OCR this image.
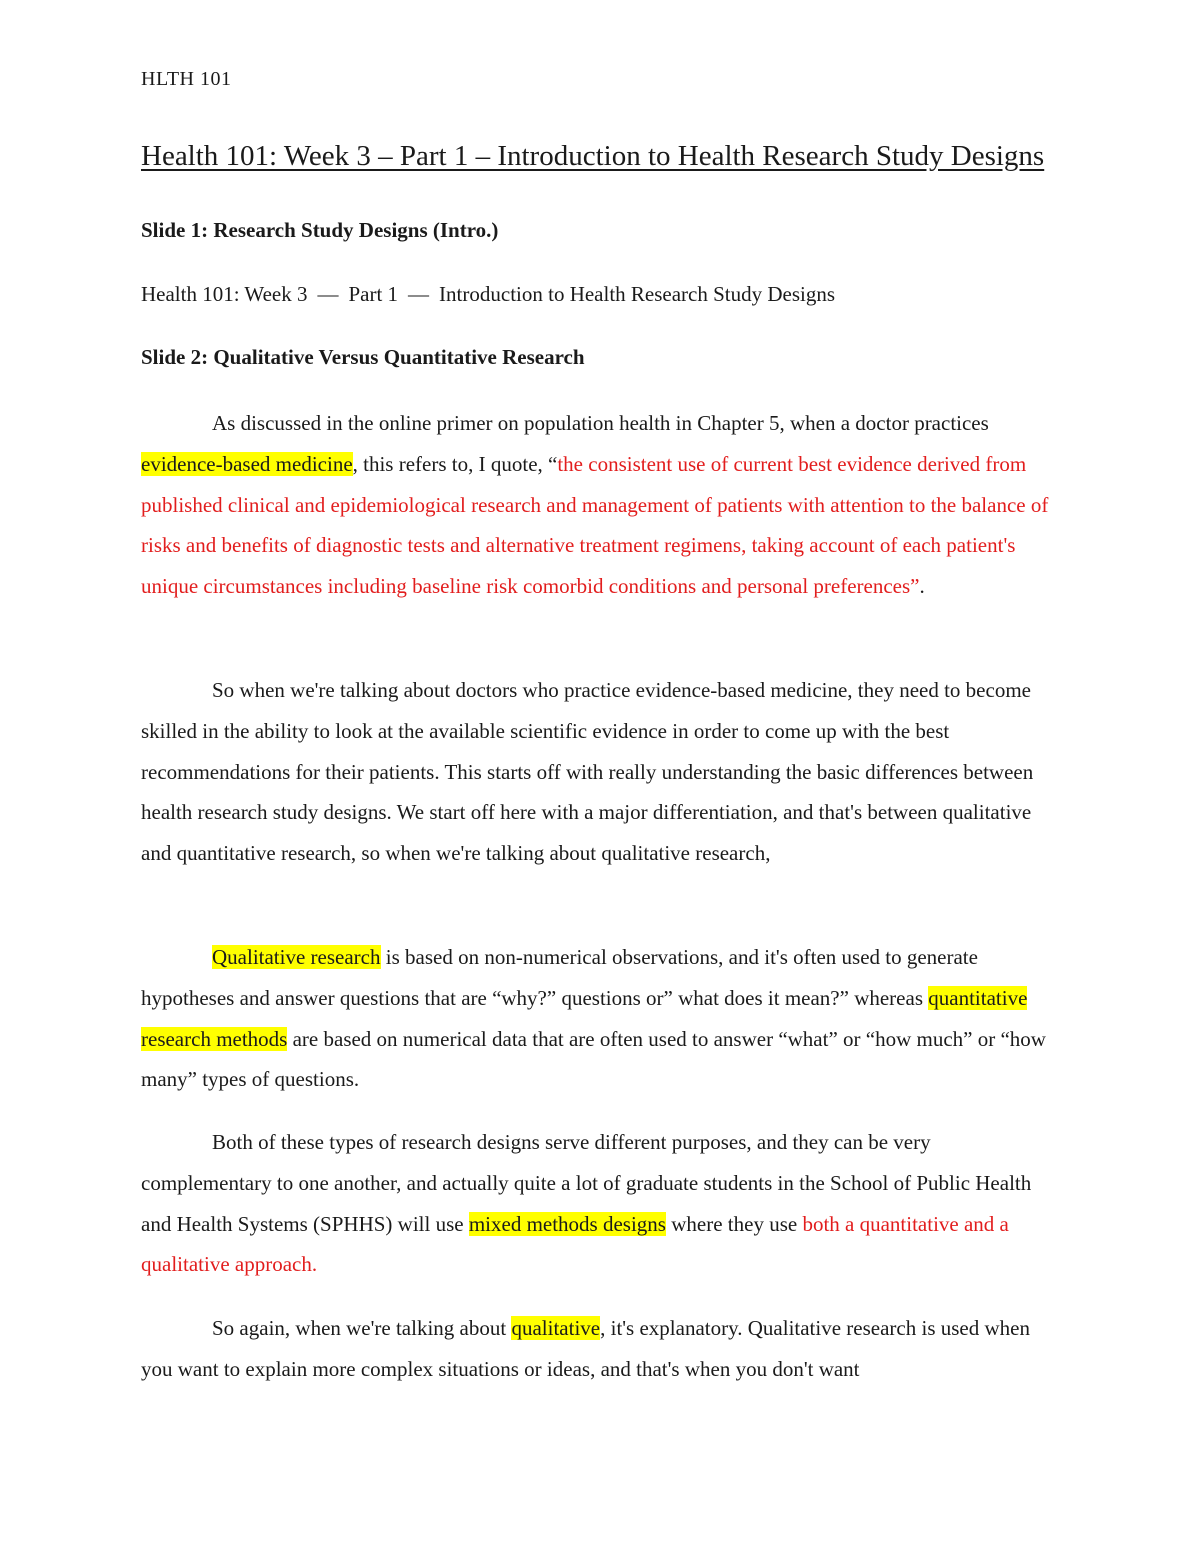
HLTH 101
Health 101: Week 3 – Part 1 – Introduction to Health Research Study Designs
Slide 1: Research Study Designs (Intro.)
Health 101: Week 3 — Part 1 — Introduction to Health Research Study Designs
Slide 2: Qualitative Versus Quantitative Research

As discussed in the online primer on population health in Chapter 5, when a doctor practices evidence-based medicine, this refers to, I quote, “the consistent use of current best evidence derived from published clinical and epidemiological research and management of patients with attention to the balance of risks and benefits of diagnostic tests and alternative treatment regimens, taking account of each patient's unique circumstances including baseline risk comorbid conditions and personal preferences”.

So when we're talking about doctors who practice evidence-based medicine, they need to become skilled in the ability to look at the available scientific evidence in order to come up with the best recommendations for their patients. This starts off with really understanding the basic differences between health research study designs. We start off here with a major differentiation, and that's between qualitative and quantitative research, so when we're talking about qualitative research,

Qualitative research is based on non-numerical observations, and it's often used to generate hypotheses and answer questions that are “why?” questions or” what does it mean?” whereas quantitative research methods are based on numerical data that are often used to answer “what” or “how much” or “how many” types of questions.

Both of these types of research designs serve different purposes, and they can be very complementary to one another, and actually quite a lot of graduate students in the School of Public Health and Health Systems (SPHHS) will use mixed methods designs where they use both a quantitative and a qualitative approach.

So again, when we're talking about qualitative, it's explanatory. Qualitative research is used when you want to explain more complex situations or ideas, and that's when you don't want
